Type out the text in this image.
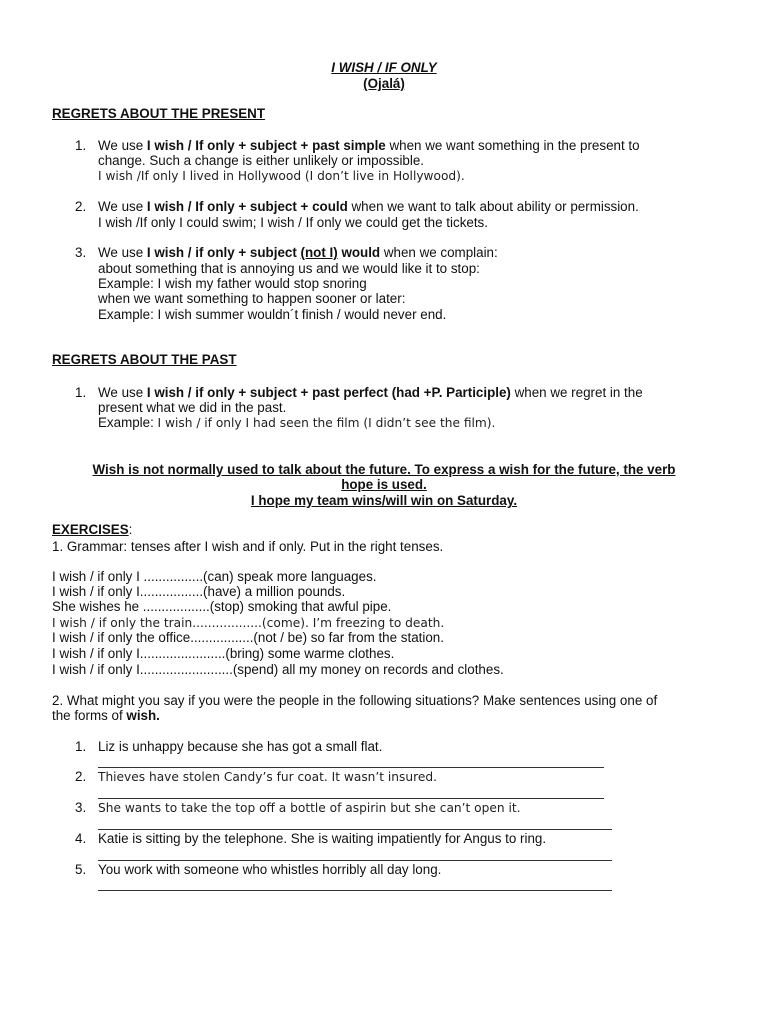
I WISH / IF ONLY
(Ojalá)
REGRETS ABOUT THE PRESENT
1. We use I wish / If only + subject + past simple when we want something in the present to
change. Such a change is either unlikely or impossible.
I wish /If only I lived in Hollywood (I don’t live in Hollywood).
2. We use I wish / If only + subject + could when we want to talk about ability or permission.
I wish /If only I could swim; I wish / If only we could get the tickets.
3. We use I wish / if only + subject (not I) would when we complain:
about something that is annoying us and we would like it to stop:
Example: I wish my father would stop snoring
when we want something to happen sooner or later:
Example: I wish summer wouldn´t finish / would never end.
REGRETS ABOUT THE PAST
1. We use I wish / if only + subject + past perfect (had +P. Participle) when we regret in the
present what we did in the past.
Example: I wish / if only I had seen the film (I didn’t see the film).
Wish is not normally used to talk about the future. To express a wish for the future, the verb
hope is used.
I hope my team wins/will win on Saturday.
EXERCISES:
1. Grammar: tenses after I wish and if only. Put in the right tenses.
I wish / if only I ................(can) speak more languages.
I wish / if only I.................(have) a million pounds.
She wishes he ..................(stop) smoking that awful pipe.
I wish / if only the train..................(come). I’m freezing to death.
I wish / if only the office.................(not / be) so far from the station.
I wish / if only I.......................(bring) some warme clothes.
I wish / if only I.........................(spend) all my money on records and clothes.
2. What might you say if you were the people in the following situations? Make sentences using one of
the forms of wish.
1. Liz is unhappy because she has got a small flat.
2. Thieves have stolen Candy’s fur coat. It wasn’t insured.
3. She wants to take the top off a bottle of aspirin but she can’t open it.
4. Katie is sitting by the telephone. She is waiting impatiently for Angus to ring.
5. You work with someone who whistles horribly all day long.
